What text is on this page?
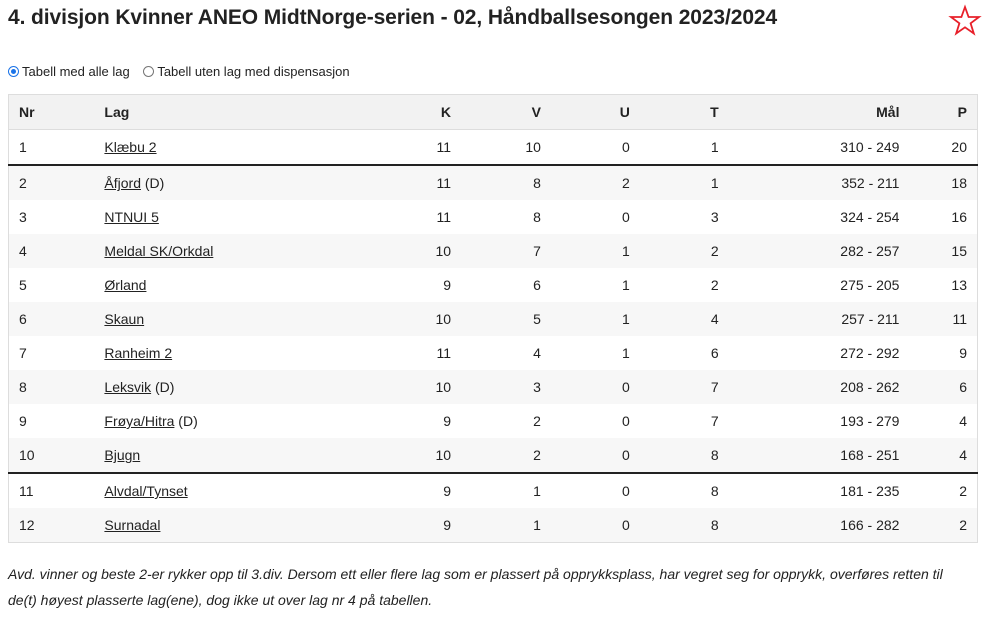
4. divisjon Kvinner ANEO MidtNorge-serien - 02, Håndballsesongen 2023/2024
Tabell med alle lag
Tabell uten lag med dispensasjon
Nr	Lag	K	V	U	T	Mål	P
1	Klæbu 2	11	10	0	1	310 - 249	20
2	Åfjord (D)	11	8	2	1	352 - 211	18
3	NTNUI 5	11	8	0	3	324 - 254	16
4	Meldal SK/Orkdal	10	7	1	2	282 - 257	15
5	Ørland	9	6	1	2	275 - 205	13
6	Skaun	10	5	1	4	257 - 211	11
7	Ranheim 2	11	4	1	6	272 - 292	9
8	Leksvik (D)	10	3	0	7	208 - 262	6
9	Frøya/Hitra (D)	9	2	0	7	193 - 279	4
10	Bjugn	10	2	0	8	168 - 251	4
11	Alvdal/Tynset	9	1	0	8	181 - 235	2
12	Surnadal	9	1	0	8	166 - 282	2

Avd. vinner og beste 2-er rykker opp til 3.div. Dersom ett eller flere lag som er plassert på opprykksplass, har vegret seg for opprykk, overføres retten til de(t) høyest plasserte lag(ene), dog ikke ut over lag nr 4 på tabellen.
